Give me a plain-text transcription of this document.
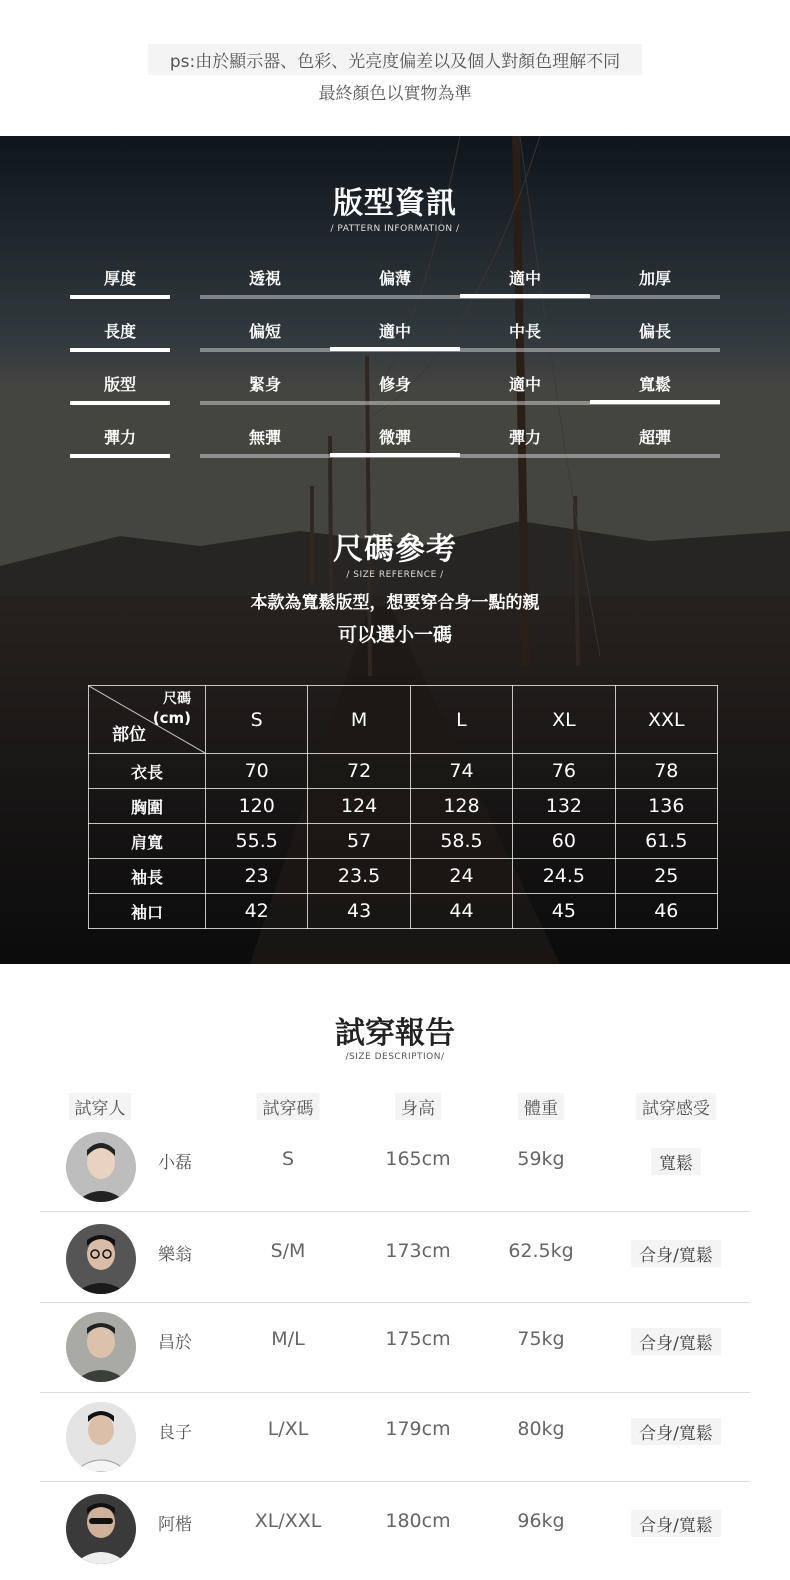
ps:由於顯示器、色彩、光亮度偏差以及個人對顏色理解不同
最終顏色以實物為準
版型資訊
/ PATTERN INFORMATION /
厚度	透視	偏薄	適中	加厚
長度	偏短	適中	中長	偏長
版型	緊身	修身	適中	寬鬆
彈力	無彈	微彈	彈力	超彈
尺碼參考
/ SIZE REFERENCE /
本款為寬鬆版型，想要穿合身一點的親
可以選小一碼
尺碼
(cm)
部位	S	M	L	XL	XXL
衣長	70	72	74	76	78
胸圍	120	124	128	132	136
肩寬	55.5	57	58.5	60	61.5
袖長	23	23.5	24	24.5	25
袖口	42	43	44	45	46
試穿報告
/SIZE DESCRIPTION/
試穿人	試穿碼	身高	體重	試穿感受
小磊	S	165cm	59kg	寬鬆
樂翁	S/M	173cm	62.5kg	合身/寬鬆
昌於	M/L	175cm	75kg	合身/寬鬆
良子	L/XL	179cm	80kg	合身/寬鬆
阿楷	XL/XXL	180cm	96kg	合身/寬鬆
